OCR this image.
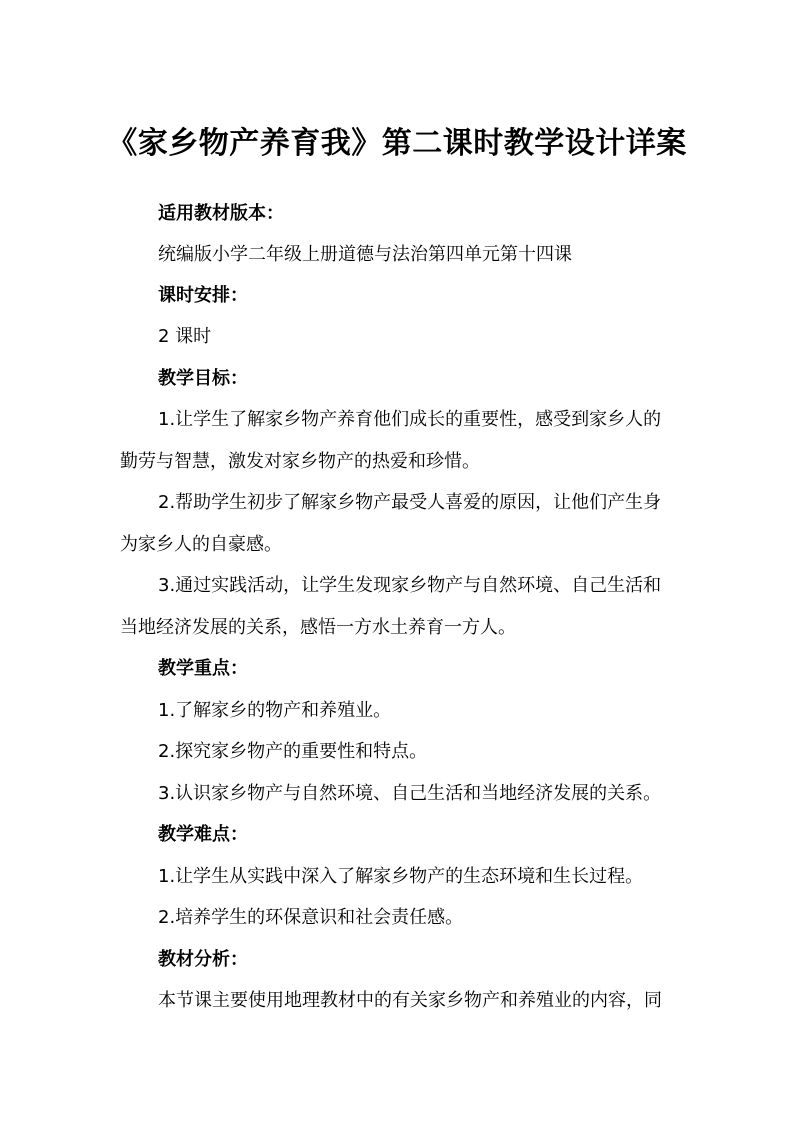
《家乡物产养育我》第二课时教学设计详案
适用教材版本：
统编版小学二年级上册道德与法治第四单元第十四课
课时安排：
2 课时
教学目标：
1.让学生了解家乡物产养育他们成长的重要性，感受到家乡人的
勤劳与智慧，激发对家乡物产的热爱和珍惜。
2.帮助学生初步了解家乡物产最受人喜爱的原因，让他们产生身
为家乡人的自豪感。
3.通过实践活动，让学生发现家乡物产与自然环境、自己生活和
当地经济发展的关系，感悟一方水土养育一方人。
教学重点：
1.了解家乡的物产和养殖业。
2.探究家乡物产的重要性和特点。
3.认识家乡物产与自然环境、自己生活和当地经济发展的关系。
教学难点：
1.让学生从实践中深入了解家乡物产的生态环境和生长过程。
2.培养学生的环保意识和社会责任感。
教材分析：
本节课主要使用地理教材中的有关家乡物产和养殖业的内容，同
